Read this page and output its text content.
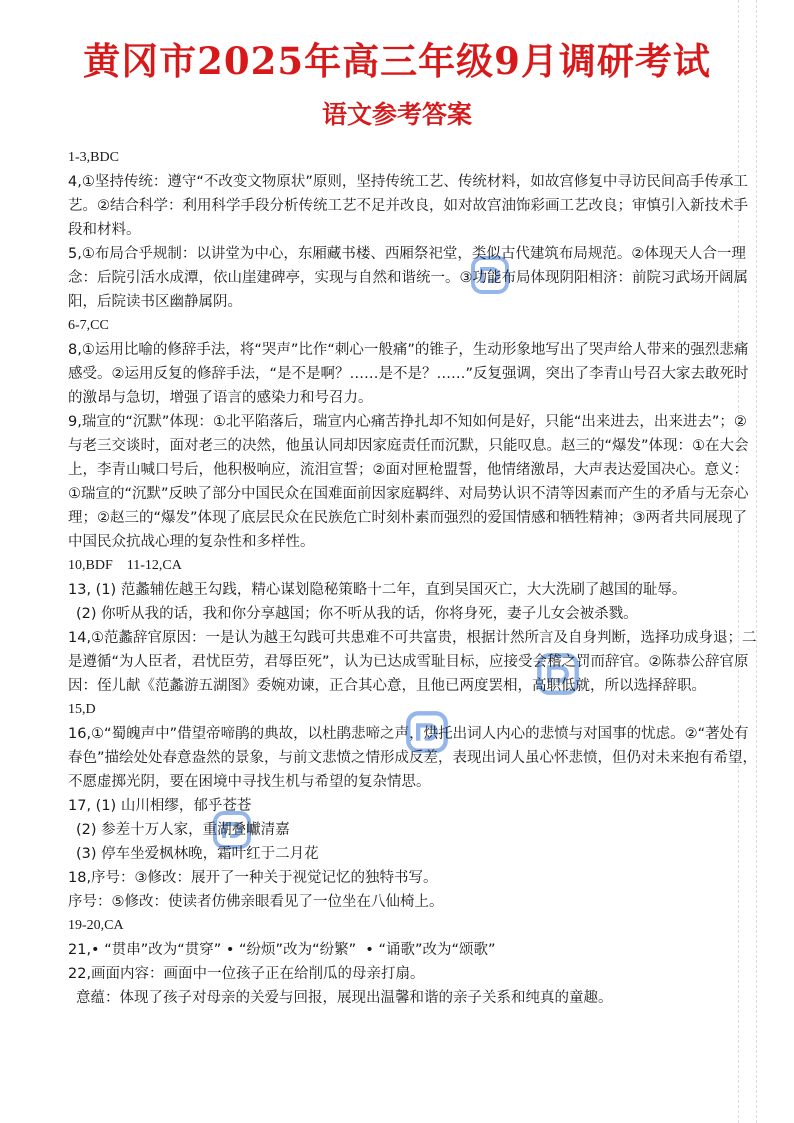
黄冈市2025年高三年级9月调研考试
语文参考答案

1-3,BDC

4,①坚持传统：遵守“不改变文物原状”原则，坚持传统工艺、传统材料，如故宫修复中寻访民间高手传承工艺。②结合科学：利用科学手段分析传统工艺不足并改良，如对故宫油饰彩画工艺改良；审慎引入新技术手段和材料。

5,①布局合乎规制：以讲堂为中心，东厢藏书楼、西厢祭祀堂，类似古代建筑布局规范。②体现天人合一理念：后院引活水成潭，依山崖建碑亭，实现与自然和谐统一。③功能布局体现阴阳相济：前院习武场开阔属阳，后院读书区幽静属阴。

6-7,CC

8,①运用比喻的修辞手法，将“哭声”比作“刺心一般痛”的锥子，生动形象地写出了哭声给人带来的强烈悲痛感受。②运用反复的修辞手法，“是不是啊？……是不是？……”反复强调，突出了李青山号召大家去敢死时的激昂与急切，增强了语言的感染力和号召力。

9,瑞宣的“沉默”体现：①北平陷落后，瑞宣内心痛苦挣扎却不知如何是好，只能“出来进去，出来进去”；②与老三交谈时，面对老三的决然，他虽认同却因家庭责任而沉默，只能叹息。赵三的“爆发”体现：①在大会上，李青山喊口号后，他积极响应，流泪宣誓；②面对匣枪盟誓，他情绪激昂，大声表达爱国决心。意义：①瑞宣的“沉默”反映了部分中国民众在国难面前因家庭羁绊、对局势认识不清等因素而产生的矛盾与无奈心理；②赵三的“爆发”体现了底层民众在民族危亡时刻朴素而强烈的爱国情感和牺牲精神；③两者共同展现了中国民众抗战心理的复杂性和多样性。

10,BDF    11-12,CA

13, (1) 范蠡辅佐越王勾践，精心谋划隐秘策略十二年，直到吴国灭亡，大大洗刷了越国的耻辱。

(2) 你听从我的话，我和你分享越国；你不听从我的话，你将身死，妻子儿女会被杀戮。

14,①范蠡辞官原因：一是认为越王勾践可共患难不可共富贵，根据计然所言及自身判断，选择功成身退；二是遵循“为人臣者，君忧臣劳，君辱臣死”，认为已达成雪耻目标，应接受会稽之罚而辞官。②陈恭公辞官原因：侄儿献《范蠡游五湖图》委婉劝谏，正合其心意，且他已两度罢相，高职低就，所以选择辞职。

15,D

16,①“蜀魄声中”借望帝啼鹃的典故，以杜鹃悲啼之声，烘托出词人内心的悲愤与对国事的忧虑。②“著处有春色”描绘处处春意盎然的景象，与前文悲愤之情形成反差，表现出词人虽心怀悲愤，但仍对未来抱有希望，不愿虚掷光阴，要在困境中寻找生机与希望的复杂情思。

17, (1) 山川相缪，郁乎苍苍

(2) 参差十万人家，重湖叠巘清嘉

(3) 停车坐爱枫林晚，霜叶红于二月花

18,序号：③修改：展开了一种关于视觉记忆的独特书写。

序号：⑤修改：使读者仿佛亲眼看见了一位坐在八仙椅上。

19-20,CA

21,• “贯串”改为“贯穿” • “纷烦”改为“纷繁”  • “诵歌”改为“颂歌”

22,画面内容：画面中一位孩子正在给削瓜的母亲打扇。

意蕴：体现了孩子对母亲的关爱与回报，展现出温馨和谐的亲子关系和纯真的童趣。
